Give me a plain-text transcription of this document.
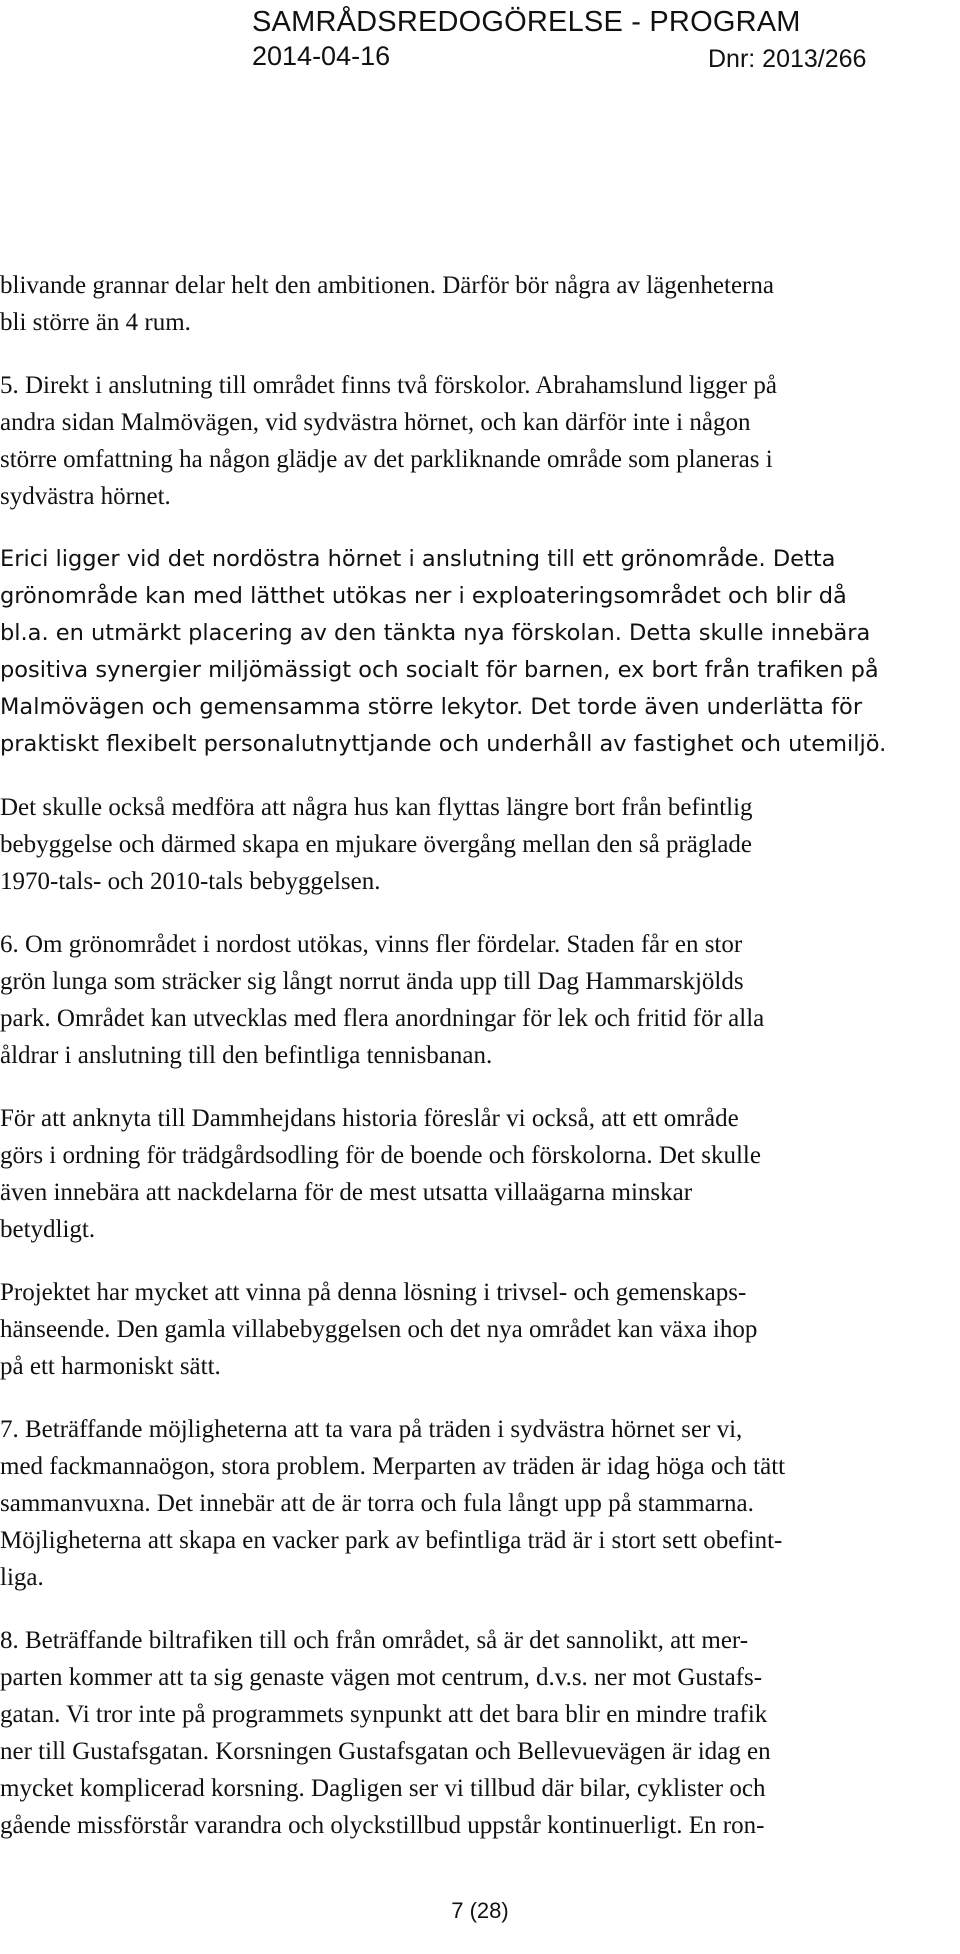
SAMRÅDSREDOGÖRELSE - PROGRAM
2014-04-16	Dnr: 2013/266

blivande grannar delar helt den ambitionen. Därför bör några av lägenheterna
bli större än 4 rum.

5. Direkt i anslutning till området finns två förskolor. Abrahamslund ligger på
andra sidan Malmövägen, vid sydvästra hörnet, och kan därför inte i någon
större omfattning ha någon glädje av det parkliknande område som planeras i
sydvästra hörnet.

Erici ligger vid det nordöstra hörnet i anslutning till ett grönområde. Detta
grönområde kan med lätthet utökas ner i exploateringsområdet och blir då
bl.a. en utmärkt placering av den tänkta nya förskolan. Detta skulle innebära
positiva synergier miljömässigt och socialt för barnen, ex bort från trafiken på
Malmövägen och gemensamma större lekytor. Det torde även underlätta för
praktiskt flexibelt personalutnyttjande och underhåll av fastighet och utemiljö.

Det skulle också medföra att några hus kan flyttas längre bort från befintlig
bebyggelse och därmed skapa en mjukare övergång mellan den så präglade
1970-tals- och 2010-tals bebyggelsen.

6. Om grönområdet i nordost utökas, vinns fler fördelar. Staden får en stor
grön lunga som sträcker sig långt norrut ända upp till Dag Hammarskjölds
park. Området kan utvecklas med flera anordningar för lek och fritid för alla
åldrar i anslutning till den befintliga tennisbanan.

För att anknyta till Dammhejdans historia föreslår vi också, att ett område
görs i ordning för trädgårdsodling för de boende och förskolorna. Det skulle
även innebära att nackdelarna för de mest utsatta villaägarna minskar
betydligt.

Projektet har mycket att vinna på denna lösning i trivsel- och gemenskaps-
hänseende. Den gamla villabebyggelsen och det nya området kan växa ihop
på ett harmoniskt sätt.

7. Beträffande möjligheterna att ta vara på träden i sydvästra hörnet ser vi,
med fackmannaögon, stora problem. Merparten av träden är idag höga och tätt
sammanvuxna. Det innebär att de är torra och fula långt upp på stammarna.
Möjligheterna att skapa en vacker park av befintliga träd är i stort sett obefint-
liga.

8. Beträffande biltrafiken till och från området, så är det sannolikt, att mer-
parten kommer att ta sig genaste vägen mot centrum, d.v.s. ner mot Gustafs-
gatan. Vi tror inte på programmets synpunkt att det bara blir en mindre trafik
ner till Gustafsgatan. Korsningen Gustafsgatan och Bellevuevägen är idag en
mycket komplicerad korsning. Dagligen ser vi tillbud där bilar, cyklister och
gående missförstår varandra och olyckstillbud uppstår kontinuerligt. En ron-

7 (28)
